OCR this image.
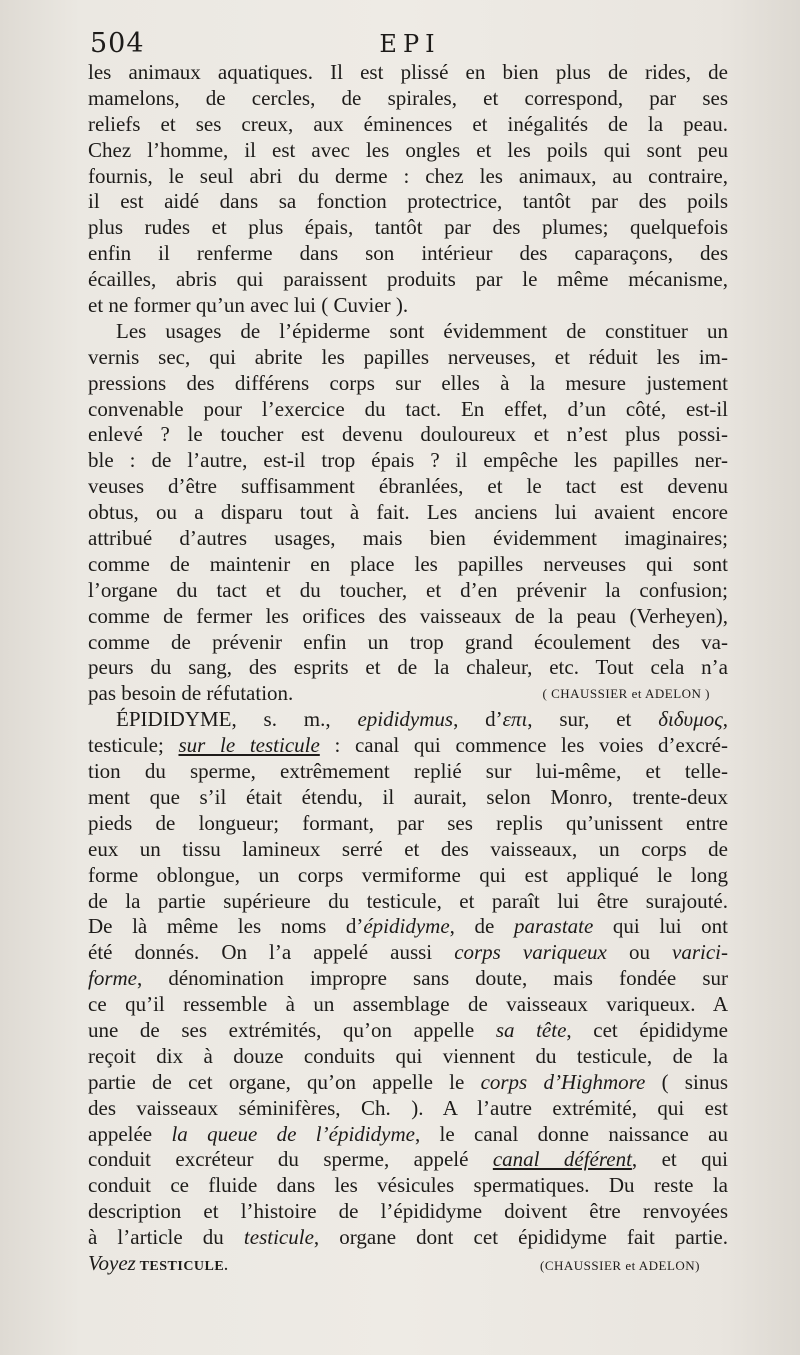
504	EPI
les animaux aquatiques. Il est plissé en bien plus de rides, de
mamelons, de cercles, de spirales, et correspond, par ses
reliefs et ses creux, aux éminences et inégalités de la peau.
Chez l’homme, il est avec les ongles et les poils qui sont peu
fournis, le seul abri du derme : chez les animaux, au contraire,
il est aidé dans sa fonction protectrice, tantôt par des poils
plus rudes et plus épais, tantôt par des plumes; quelquefois
enfin il renferme dans son intérieur des caparaçons, des
écailles, abris qui paraissent produits par le même mécanisme,
et ne former qu’un avec lui ( Cuvier ).
Les usages de l’épiderme sont évidemment de constituer un
vernis sec, qui abrite les papilles nerveuses, et réduit les im-
pressions des différens corps sur elles à la mesure justement
convenable pour l’exercice du tact. En effet, d’un côté, est-il
enlevé ? le toucher est devenu douloureux et n’est plus possi-
ble : de l’autre, est-il trop épais ? il empêche les papilles ner-
veuses d’être suffisamment ébranlées, et le tact est devenu
obtus, ou a disparu tout à fait. Les anciens lui avaient encore
attribué d’autres usages, mais bien évidemment imaginaires;
comme de maintenir en place les papilles nerveuses qui sont
l’organe du tact et du toucher, et d’en prévenir la confusion;
comme de fermer les orifices des vaisseaux de la peau (Verheyen),
comme de prévenir enfin un trop grand écoulement des va-
peurs du sang, des esprits et de la chaleur, etc. Tout cela n’a
pas besoin de réfutation.	( CHAUSSIER et ADELON )
ÉPIDIDYME, s. m., epididymus, d’επι, sur, et διδυμος,
testicule; sur le testicule : canal qui commence les voies d’excré-
tion du sperme, extrêmement replié sur lui-même, et telle-
ment que s’il était étendu, il aurait, selon Monro, trente-deux
pieds de longueur; formant, par ses replis qu’unissent entre
eux un tissu lamineux serré et des vaisseaux, un corps de
forme oblongue, un corps vermiforme qui est appliqué le long
de la partie supérieure du testicule, et paraît lui être surajouté.
De là même les noms d’épididyme, de parastate qui lui ont
été donnés. On l’a appelé aussi corps variqueux ou varici-
forme, dénomination impropre sans doute, mais fondée sur
ce qu’il ressemble à un assemblage de vaisseaux variqueux. A
une de ses extrémités, qu’on appelle sa tête, cet épididyme
reçoit dix à douze conduits qui viennent du testicule, de la
partie de cet organe, qu’on appelle le corps d’Highmore ( sinus
des vaisseaux séminifères, Ch. ). A l’autre extrémité, qui est
appelée la queue de l’épididyme, le canal donne naissance au
conduit excréteur du sperme, appelé canal déférent, et qui
conduit ce fluide dans les vésicules spermatiques. Du reste la
description et l’histoire de l’épididyme doivent être renvoyées
à l’article du testicule, organe dont cet épididyme fait partie.
Voyez TESTICULE.	(CHAUSSIER et ADELON)
